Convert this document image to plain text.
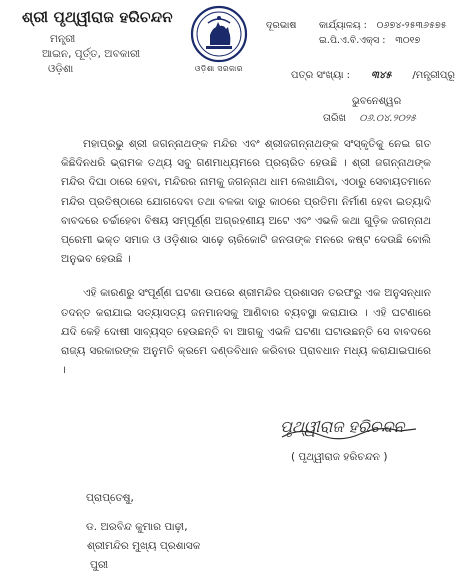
ଶ୍ରୀ ପୃଥ୍ୱୀରାଜ ହରିଚନ୍ଦନ
ମନ୍ତ୍ରୀ
ଆଇନ, ପୂର୍ତ୍ତ, ଅବକାରୀ
ଓଡ଼ିଶା	ଓଡ଼ିଶା ସରକାର
ଦୂରଭାଷ କାର୍ଯ୍ୟାଳୟ : ୦୬୭୪-୨୫୩୬୫୭୫
ଇ.ପି.ଏ.ବି.ଏକ୍ସ : ୩୦୧୭
ପତ୍ର ସଂଖ୍ୟା : ୩୪୫ /ମନ୍ତ୍ରୀପ୍ରୂ
ଭୁବନେଶ୍ୱର
ତାରିଖ ୦୬.୦୪.୨୦୨୫

ମହାପ୍ରଭୁ ଶ୍ରୀ ଜଗନ୍ନାଥଙ୍କ ମନ୍ଦିର ଏବଂ ଶ୍ରୀଜଗନ୍ନାଥଙ୍କ ସଂସ୍କୃତିକୁ ନେଇ ଗତ କିଛିଦିନଧରି ଭ୍ରାମକ ତଥ୍ୟ ସବୁ ଗଣମାଧ୍ୟମରେ ପ୍ରଚାରିତ ହେଉଛି । ଶ୍ରୀ ଜଗନ୍ନାଥଙ୍କ ମନ୍ଦିର ଦିଘା ଠାରେ ହେବା, ମନ୍ଦିରର ନାମକୁ ଜଗନ୍ନାଥ ଧାମ ଲେଖାଯିବା, ଏଠାରୁ ସେବାୟତମାନେ ମନ୍ଦିର ପ୍ରତିଷ୍ଠାରେ ଯୋଗଦେବା ତଥା ବଳକା ଦାରୁ କାଠରେ ପ୍ରତିମା ନିର୍ମାଣ ହେବା ଇତ୍ୟାଦି ବାବଦରେ ଚର୍ଚ୍ଚାହେବା ବିଷୟ ସମ୍ପୂର୍ଣ୍ଣ ଅଗ୍ରହଣୀୟ ଅଟେ ଏବଂ ଏଭଳି କଥା ଗୁଡ଼ିକ ଜଗନ୍ନାଥ ପ୍ରେମୀ ଭକ୍ତ ସମାଜ ଓ ଓଡ଼ିଶାର ସାଢ଼େ ଚାରିକୋଟି ଜନତାଙ୍କ ମନରେ କଷ୍ଟ ଦେଉଛି ବୋଲି ଅନୁଭବ ହେଉଛି ।

ଏହି କାରଣରୁ ସଂପୂର୍ଣ୍ଣ ଘଟଣା ଉପରେ ଶ୍ରୀମନ୍ଦିର ପ୍ରଶାସନ ତରଫରୁ ଏକ ଅନୁସନ୍ଧାନ ତଦନ୍ତ କରାଯାଇ ସତ୍ୟାସତ୍ୟ ଜନମାନସକୁ ଆଣିବାର ବ୍ୟବସ୍ଥା କରାଯାଉ । ଏହି ଘଟଣାରେ ଯଦି କେହି ଦୋଷୀ ସାବ୍ୟସ୍ତ ହେଉଛନ୍ତି ବା ଆଗକୁ ଏଭଳି ଘଟଣା ଘଟାଉଛନ୍ତି ସେ ବାବଦରେ ରାଜ୍ୟ ସରକାରଙ୍କ ଅନୁମତି କ୍ରମେ ଦଣ୍ଡବିଧାନ କରିବାର ପ୍ରାବଧାନ ମଧ୍ୟ କରାଯାଇପାରେ ।

ପୃଥ୍ୱୀରାଜ ହରିଚନ୍ଦନ
( ପୃଥ୍ୱୀରାଜ ହରିଚନ୍ଦନ )
ପ୍ରାପ୍ତେଷୁ,
ଡ. ଅରବିନ୍ଦ କୁମାର ପାଢ଼ୀ,
ଶ୍ରୀମନ୍ଦିର ମୁଖ୍ୟ ପ୍ରଶାସକ
ପୁରୀ
